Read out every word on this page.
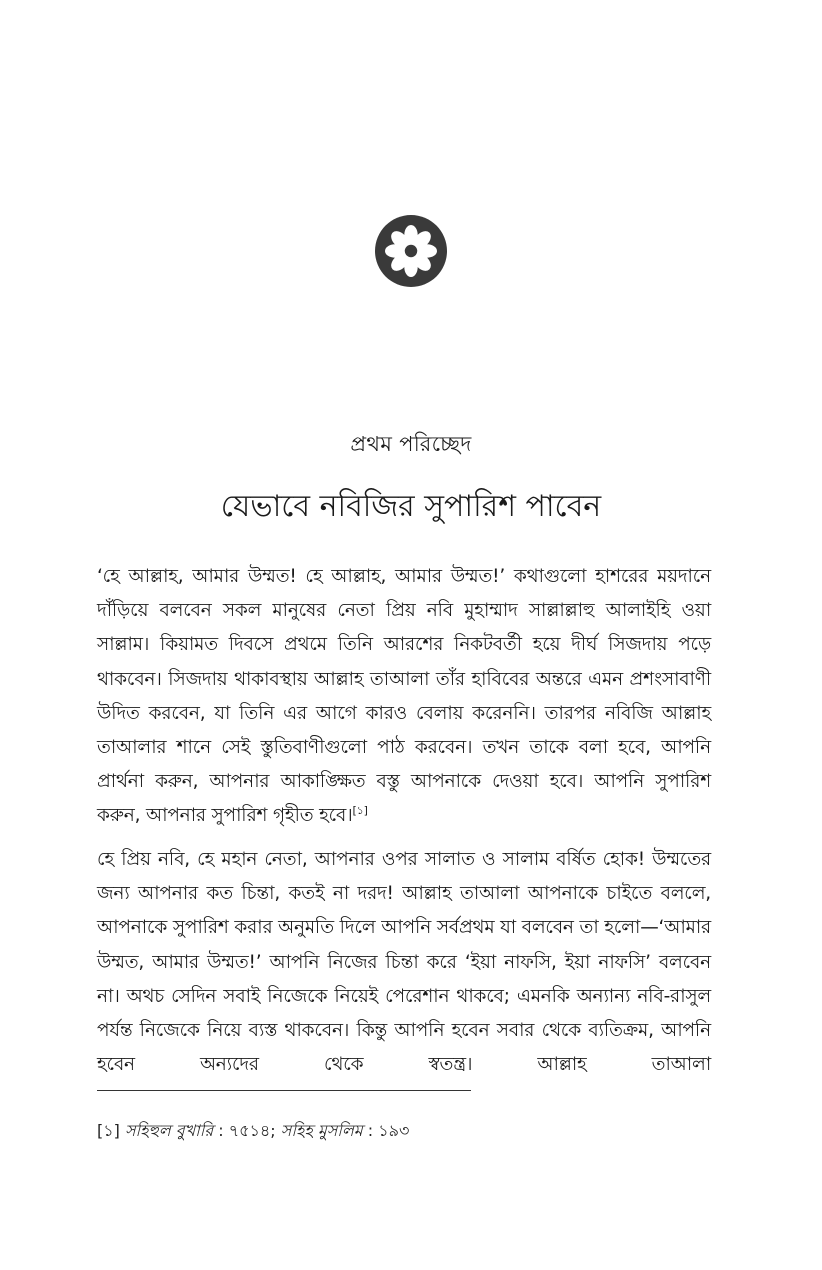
প্রথম পরিচ্ছেদ
যেভাবে নবিজির সুপারিশ পাবেন

‘হে আল্লাহ, আমার উম্মত! হে আল্লাহ, আমার উম্মত!’ কথাগুলো হাশরের ময়দানে দাঁড়িয়ে বলবেন সকল মানুষের নেতা প্রিয় নবি মুহাম্মাদ সাল্লাল্লাহু আলাইহি ওয়া সাল্লাম। কিয়ামত দিবসে প্রথমে তিনি আরশের নিকটবর্তী হয়ে দীর্ঘ সিজদায় পড়ে থাকবেন। সিজদায় থাকাবস্থায় আল্লাহ তাআলা তাঁর হাবিবের অন্তরে এমন প্রশংসাবাণী উদিত করবেন, যা তিনি এর আগে কারও বেলায় করেননি। তারপর নবিজি আল্লাহ তাআলার শানে সেই স্তুতিবাণীগুলো পাঠ করবেন। তখন তাকে বলা হবে, আপনি প্রার্থনা করুন, আপনার আকাঙ্ক্ষিত বস্তু আপনাকে দেওয়া হবে। আপনি সুপারিশ করুন, আপনার সুপারিশ গৃহীত হবে।[১]

হে প্রিয় নবি, হে মহান নেতা, আপনার ওপর সালাত ও সালাম বর্ষিত হোক! উম্মতের জন্য আপনার কত চিন্তা, কতই না দরদ! আল্লাহ তাআলা আপনাকে চাইতে বললে, আপনাকে সুপারিশ করার অনুমতি দিলে আপনি সর্বপ্রথম যা বলবেন তা হলো—‘আমার উম্মত, আমার উম্মত!’ আপনি নিজের চিন্তা করে ‘ইয়া নাফসি, ইয়া নাফসি’ বলবেন না। অথচ সেদিন সবাই নিজেকে নিয়েই পেরেশান থাকবে; এমনকি অন্যান্য নবি-রাসুল পর্যন্ত নিজেকে নিয়ে ব্যস্ত থাকবেন। কিন্তু আপনি হবেন সবার থেকে ব্যতিক্রম, আপনি হবেন অন্যদের থেকে স্বতন্ত্র। আল্লাহ তাআলা

[১] সহিহুল বুখারি : ৭৫১৪; সহিহ মুসলিম : ১৯৩
